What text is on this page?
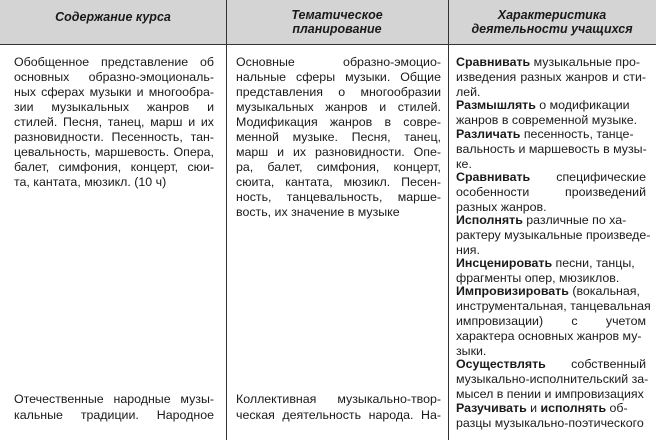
Содержание курса	Тематическое
планирование
Характеристика
деятельности учащихся
Обобщенное представление об
основных образно-эмоциональ-
ных сферах музыки и многообра-
зии музыкальных жанров и
стилей. Песня, танец, марш и их
разновидности. Песенность, тан-
цевальность, маршевость. Опера,
балет, симфония, концерт, сюи-
та, кантата, мюзикл. (10 ч)
Отечественные народные музы-
кальные традиции. Народное
Основные образно-эмоцио-
нальные сферы музыки. Общие
представления о многообразии
музыкальных жанров и стилей.
Модификация жанров в совре-
менной музыке. Песня, танец,
марш и их разновидности. Опе-
ра, балет, симфония, концерт,
сюита, кантата, мюзикл. Песен-
ность, танцевальность, марше-
вость, их значение в музыке
Коллективная музыкально-твор-
ческая деятельность народа. На-
Сравнивать музыкальные про-
изведения разных жанров и сти-
лей.
Размышлять о модификации
жанров в современной музыке.
Различать песенность, танце-
вальность и маршевость в музы-
ке.
Сравнивать специфические
особенности произведений
разных жанров.
Исполнять различные по ха-
рактеру музыкальные произведе-
ния.
Инсценировать песни, танцы,
фрагменты опер, мюзиклов.
Импровизировать (вокальная,
инструментальная, танцевальная
импровизации) с учетом
характера основных жанров му-
зыки.
Осуществлять собственный
музыкально-исполнительский за-
мысел в пении и импровизациях
Разучивать и исполнять об-
разцы музыкально-поэтического
